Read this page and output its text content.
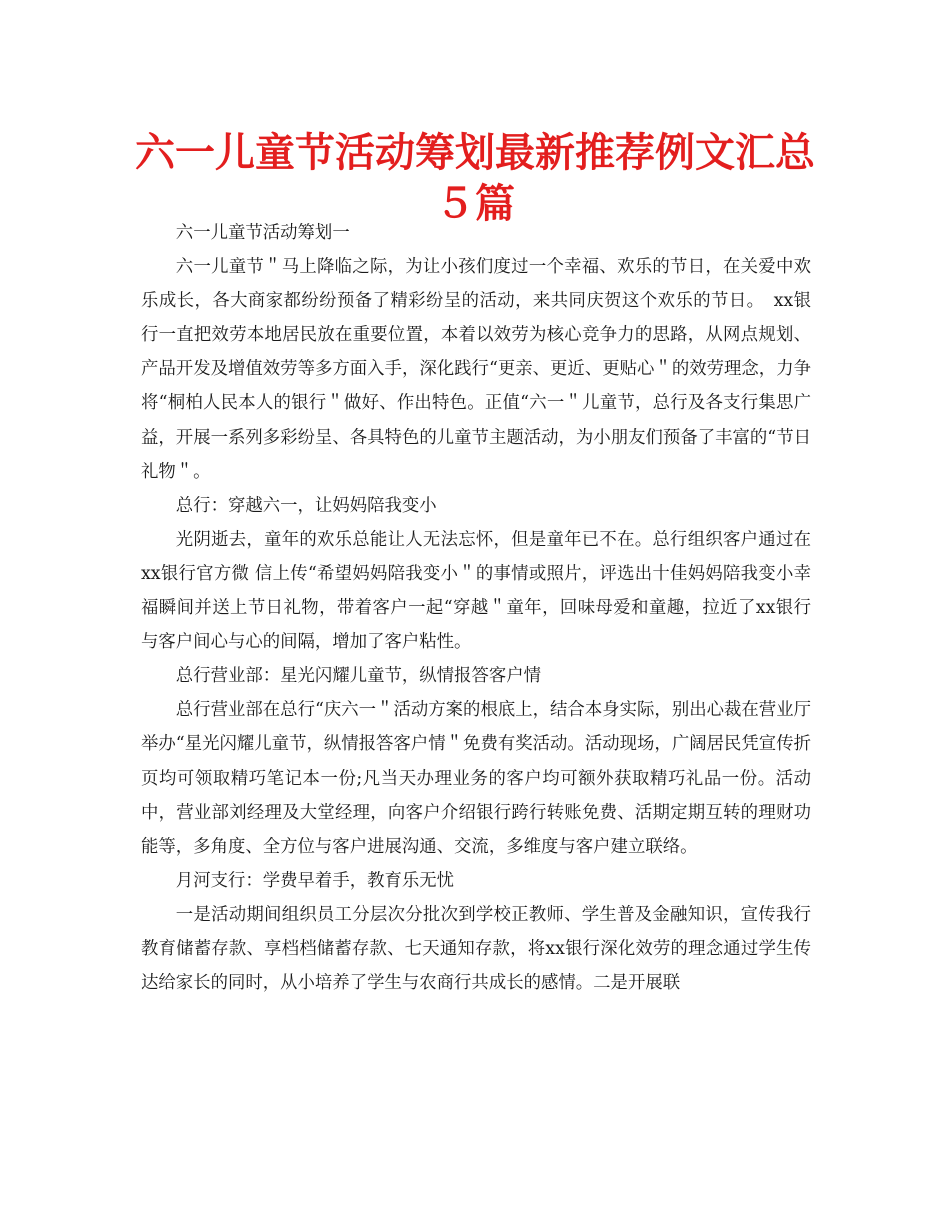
六一儿童节活动筹划最新推荐例文汇总５篇

六一儿童节活动筹划一

六一儿童节＂马上降临之际，为让小孩们度过一个幸福、欢乐的节日，在关爱中欢乐成长，各大商家都纷纷预备了精彩纷呈的活动，来共同庆贺这个欢乐的节日。　xx银行一直把效劳本地居民放在重要位置，本着以效劳为核心竞争力的思路，从网点规划、产品开发及增值效劳等多方面入手，深化践行“更亲、更近、更贴心＂的效劳理念，力争将“桐柏人民本人的银行＂做好、作出特色。正值“六一＂儿童节，总行及各支行集思广益，开展一系列多彩纷呈、各具特色的儿童节主题活动，为小朋友们预备了丰富的“节日礼物＂。

总行：穿越六一，让妈妈陪我变小

光阴逝去，童年的欢乐总能让人无法忘怀，但是童年已不在。总行组织客户通过在xx银行官方微 信上传“希望妈妈陪我变小＂的事情或照片，评选出十佳妈妈陪我变小幸福瞬间并送上节日礼物，带着客户一起“穿越＂童年，回味母爱和童趣，拉近了xx银行与客户间心与心的间隔，增加了客户粘性。

总行营业部：星光闪耀儿童节，纵情报答客户情

总行营业部在总行“庆六一＂活动方案的根底上，结合本身实际，别出心裁在营业厅举办“星光闪耀儿童节，纵情报答客户情＂免费有奖活动。活动现场，广阔居民凭宣传折页均可领取精巧笔记本一份;凡当天办理业务的客户均可额外获取精巧礼品一份。活动中，营业部刘经理及大堂经理，向客户介绍银行跨行转账免费、活期定期互转的理财功能等，多角度、全方位与客户进展沟通、交流，多维度与客户建立联络。

月河支行：学费早着手，教育乐无忧

一是活动期间组织员工分层次分批次到学校正教师、学生普及金融知识，宣传我行教育储蓄存款、享档档储蓄存款、七天通知存款，将xx银行深化效劳的理念通过学生传达给家长的同时，从小培养了学生与农商行共成长的感情。二是开展联
